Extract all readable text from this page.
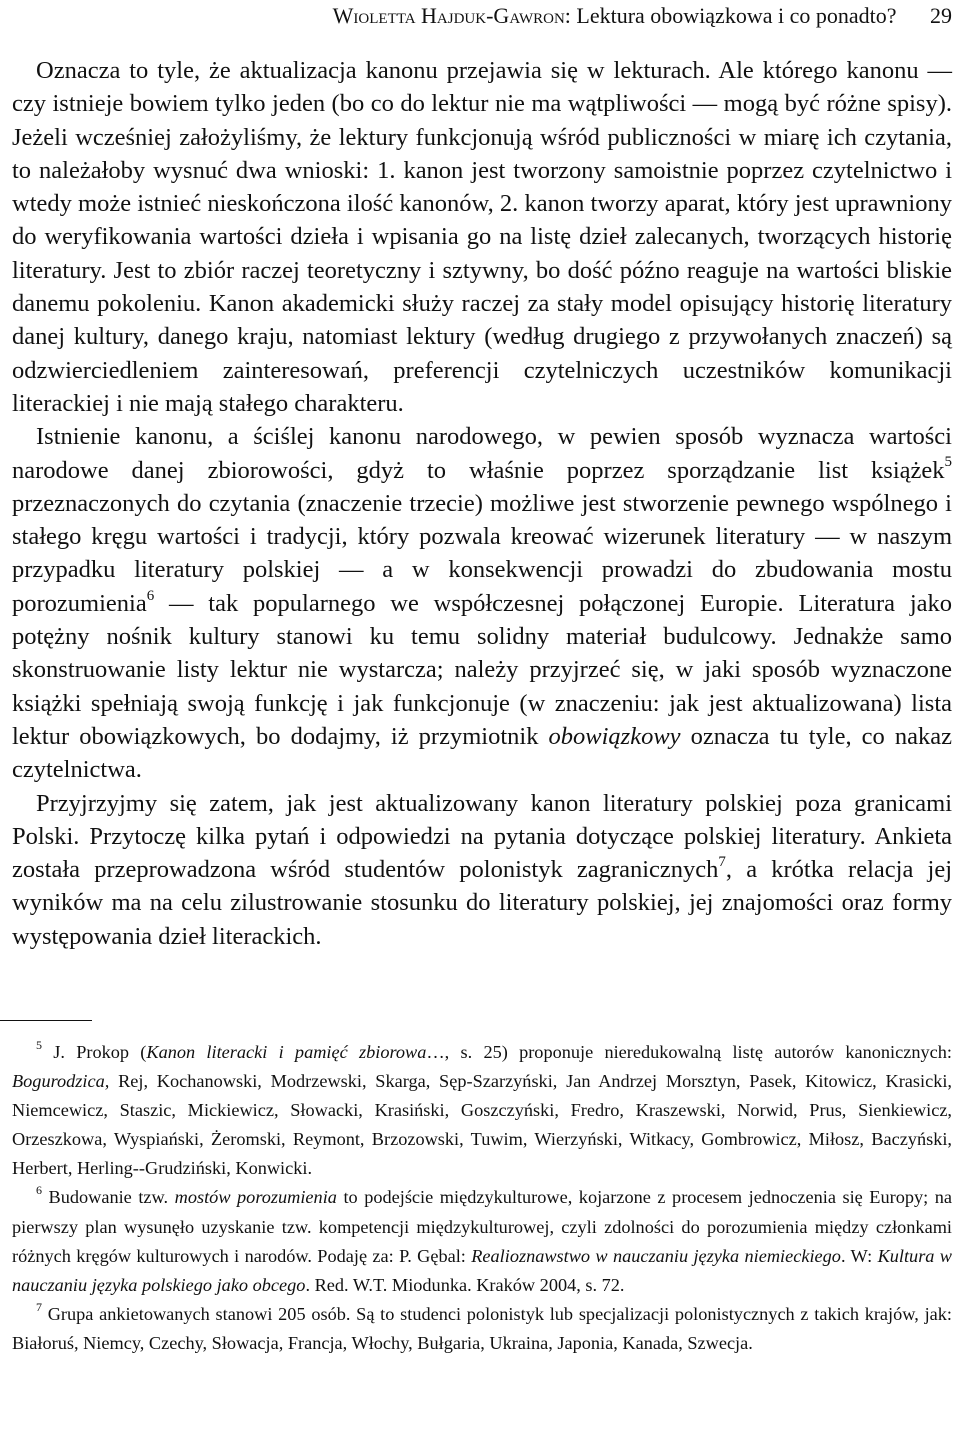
Wioletta Hajduk-Gawron: Lektura obowiązkowa i co ponadto? 29

Oznacza to tyle, że aktualizacja kanonu przejawia się w lekturach. Ale którego kanonu — czy istnieje bowiem tylko jeden (bo co do lektur nie ma wątpliwości — mogą być różne spisy). Jeżeli wcześniej założyliśmy, że lektury funkcjonują wśród publiczności w miarę ich czytania, to należałoby wysnuć dwa wnioski: 1. kanon jest tworzony samoistnie poprzez czytelnictwo i wtedy może istnieć nieskończona ilość kanonów, 2. kanon tworzy aparat, który jest uprawniony do weryfikowania wartości dzieła i wpisania go na listę dzieł zalecanych, tworzących historię literatury. Jest to zbiór raczej teoretyczny i sztywny, bo dość późno reaguje na wartości bliskie danemu pokoleniu. Kanon akademicki służy raczej za stały model opisujący historię literatury danej kultury, danego kraju, natomiast lektury (według drugiego z przywołanych znaczeń) są odzwierciedleniem zainteresowań, preferencji czytelniczych uczestników komunikacji literackiej i nie mają stałego charakteru.

Istnienie kanonu, a ściślej kanonu narodowego, w pewien sposób wyznacza wartości narodowe danej zbiorowości, gdyż to właśnie poprzez sporządzanie list książek$^5$ przeznaczonych do czytania (znaczenie trzecie) możliwe jest stworzenie pewnego wspólnego i stałego kręgu wartości i tradycji, który pozwala kreować wizerunek literatury — w naszym przypadku literatury polskiej — a w konsekwencji prowadzi do zbudowania mostu porozumienia$^6$ — tak popularnego we współczesnej połączonej Europie. Literatura jako potężny nośnik kultury stanowi ku temu solidny materiał budulcowy. Jednakże samo skonstruowanie listy lektur nie wystarcza; należy przyjrzeć się, w jaki sposób wyznaczone książki spełniają swoją funkcję i jak funkcjonuje (w znaczeniu: jak jest aktualizowana) lista lektur obowiązkowych, bo dodajmy, iż przymiotnik obowiązkowy oznacza tu tyle, co nakaz czytelnictwa.

Przyjrzyjmy się zatem, jak jest aktualizowany kanon literatury polskiej poza granicami Polski. Przytoczę kilka pytań i odpowiedzi na pytania dotyczące polskiej literatury. Ankieta została przeprowadzona wśród studentów polonistyk zagranicznych$^7$, a krótka relacja jej wyników ma na celu zilustrowanie stosunku do literatury polskiej, jej znajomości oraz formy występowania dzieł literackich.

$^5$ J. Prokop (Kanon literacki i pamięć zbiorowa…, s. 25) proponuje nieredukowalną listę autorów kanonicznych: Bogurodzica, Rej, Kochanowski, Modrzewski, Skarga, Sęp-Szarzyński, Jan Andrzej Morsztyn, Pasek, Kitowicz, Krasicki, Niemcewicz, Staszic, Mickiewicz, Słowacki, Krasiński, Goszczyński, Fredro, Kraszewski, Norwid, Prus, Sienkiewicz, Orzeszkowa, Wyspiański, Żeromski, Reymont, Brzozowski, Tuwim, Wierzyński, Witkacy, Gombrowicz, Miłosz, Baczyński, Herbert, Herling--Grudziński, Konwicki.

$^6$ Budowanie tzw. mostów porozumienia to podejście międzykulturowe, kojarzone z procesem jednoczenia się Europy; na pierwszy plan wysunęło uzyskanie tzw. kompetencji międzykulturowej, czyli zdolności do porozumienia między członkami różnych kręgów kulturowych i narodów. Podaję za: P. Gębal: Realioznawstwo w nauczaniu języka niemieckiego. W: Kultura w nauczaniu języka polskiego jako obcego. Red. W.T. Miodunka. Kraków 2004, s. 72.

$^7$ Grupa ankietowanych stanowi 205 osób. Są to studenci polonistyk lub specjalizacji polonistycznych z takich krajów, jak: Białoruś, Niemcy, Czechy, Słowacja, Francja, Włochy, Bułgaria, Ukraina, Japonia, Kanada, Szwecja.
